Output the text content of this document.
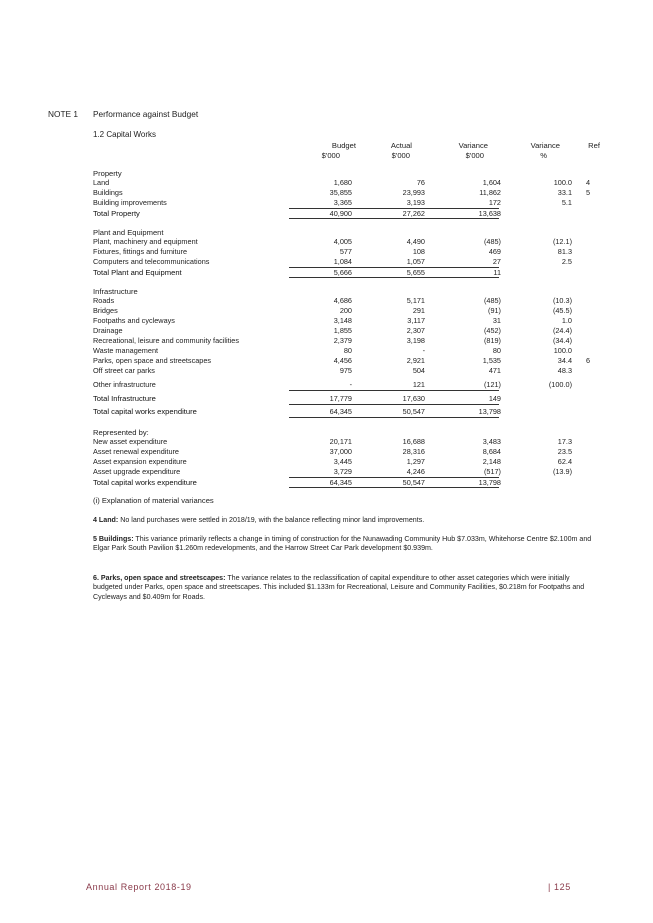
NOTE 1 Performance against Budget
1.2 Capital Works
Budget
$'000
Actual
$'000
Variance
$'000
Variance
%
Ref
Property
Land	1,680	76	1,604	100.0 4
Buildings	35,855	23,993	11,862	33.1 5
Building improvements	3,365	3,193	172	5.1
Total Property	40,900	27,262	13,638
Plant and Equipment
Plant, machinery and equipment	4,005	4,490	(485)	(12.1)
Fixtures, fittings and furniture	577	108	469	81.3
Computers and telecommunications	1,084	1,057	27	2.5
Total Plant and Equipment	5,666	5,655	11
Infrastructure
Roads	4,686	5,171	(485)	(10.3)
Bridges	200	291	(91)	(45.5)
Footpaths and cycleways	3,148	3,117	31	1.0
Drainage	1,855	2,307	(452)	(24.4)
Recreational, leisure and community facilities	2,379	3,198	(819)	(34.4)
Waste management	80	-	80	100.0
Parks, open space and streetscapes	4,456	2,921	1,535	34.4 6
Off street car parks	975	504	471	48.3
Other infrastructure	-	121	(121)	(100.0)
Total Infrastructure	17,779	17,630	149
Total capital works expenditure	64,345	50,547	13,798
Represented by:
New asset expenditure	20,171	16,688	3,483	17.3
Asset renewal expenditure	37,000	28,316	8,684	23.5
Asset expansion expenditure	3,445	1,297	2,148	62.4
Asset upgrade expenditure	3,729	4,246	(517)	(13.9)
Total capital works expenditure	64,345	50,547	13,798
(i) Explanation of material variances
4 Land: No land purchases were settled in 2018/19, with the balance reflecting minor land improvements.
5 Buildings: This variance primarily reflects a change in timing of construction for the Nunawading Community Hub $7.033m, Whitehorse Centre $2.100m and Elgar Park South Pavilion $1.260m redevelopments, and the Harrow Street Car Park development $0.939m.
6. Parks, open space and streetscapes: The variance relates to the reclassification of capital expenditure to other asset categories which were initially budgeted under Parks, open space and streetscapes. This included $1.133m for Recreational, Leisure and Community Facilities, $0.218m for Footpaths and Cycleways and $0.409m for Roads.
Annual Report 2018-19	| 125
